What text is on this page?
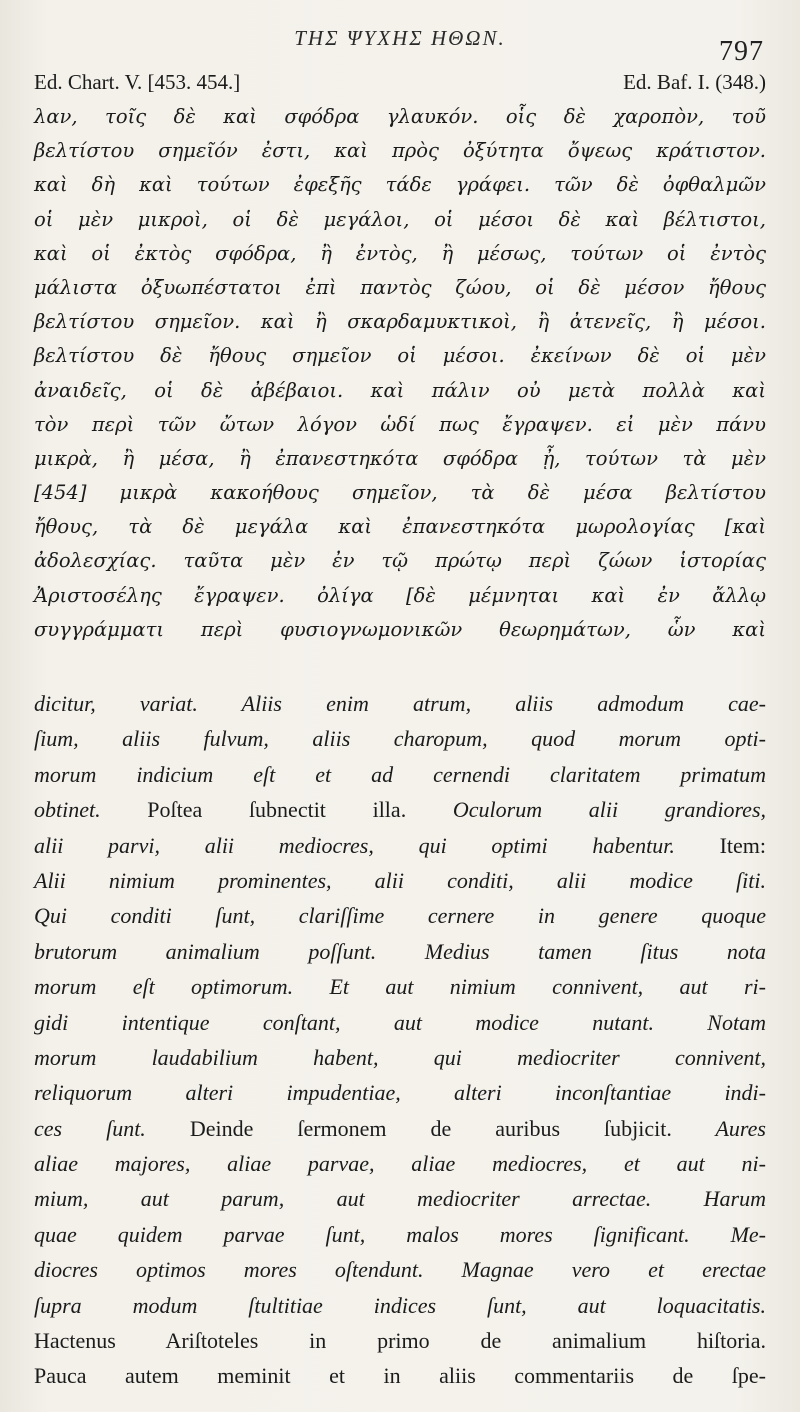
ΤΗΣ ΨΥΧΗΣ ΗΘΩΝ.	797
Ed. Chart. V. [453. 454.]	Ed. Baf. I. (348.)
λαν, τοῖς δὲ καὶ σφόδρα γλαυκόν. οἷς δὲ χαροπὸν, τοῦ
βελτίστου σημεῖόν ἐστι, καὶ πρὸς ὀξύτητα ὄψεως κράτιστον.
καὶ δὴ καὶ τούτων ἐφεξῆς τάδε γράφει. τῶν δὲ ὀφθαλμῶν
οἱ μὲν μικροὶ, οἱ δὲ μεγάλοι, οἱ μέσοι δὲ καὶ βέλτιστοι,
καὶ οἱ ἐκτὸς σφόδρα, ἢ ἐντὸς, ἢ μέσως, τούτων οἱ ἐντὸς
μάλιστα ὀξυωπέστατοι ἐπὶ παντὸς ζώου, οἱ δὲ μέσον ἤθους
βελτίστου σημεῖον. καὶ ἢ σκαρδαμυκτικοὶ, ἢ ἀτενεῖς, ἢ μέσοι.
βελτίστου δὲ ἤθους σημεῖον οἱ μέσοι. ἐκείνων δὲ οἱ μὲν
ἀναιδεῖς, οἱ δὲ ἀβέβαιοι. καὶ πάλιν οὐ μετὰ πολλὰ καὶ
τὸν περὶ τῶν ὤτων λόγον ὡδί πως ἔγραψεν. εἰ μὲν πάνυ
μικρὰ, ἢ μέσα, ἢ ἐπανεστηκότα σφόδρα ᾖ, τούτων τὰ μὲν
[454] μικρὰ κακοήθους σημεῖον, τὰ δὲ μέσα βελτίστου
ἤθους, τὰ δὲ μεγάλα καὶ ἐπανεστηκότα μωρολογίας [καὶ
ἀδολεσχίας. ταῦτα μὲν ἐν τῷ πρώτῳ περὶ ζώων ἱστορίας
Ἀριστοσέλης ἔγραψεν. ὀλίγα [δὲ μέμνηται καὶ ἐν ἄλλῳ
συγγράμματι περὶ φυσιογνωμονικῶν θεωρημάτων, ὧν καὶ
dicitur, variat. Aliis enim atrum, aliis admodum cae-
ſium, aliis fulvum, aliis charopum, quod morum opti-
morum indicium eſt et ad cernendi claritatem primatum
obtinet. Poſtea ſubnectit illa. Oculorum alii grandiores,
alii parvi, alii mediocres, qui optimi habentur. Item:
Alii nimium prominentes, alii conditi, alii modice ſiti.
Qui conditi ſunt, clariſſime cernere in genere quoque
brutorum animalium poſſunt. Medius tamen ſitus nota
morum eſt optimorum. Et aut nimium connivent, aut ri-
gidi intentique conſtant, aut modice nutant. Notam
morum laudabilium habent, qui mediocriter connivent,
reliquorum alteri impudentiae, alteri inconſtantiae indi-
ces ſunt. Deinde ſermonem de auribus ſubjicit. Aures
aliae majores, aliae parvae, aliae mediocres, et aut ni-
mium, aut parum, aut mediocriter arrectae. Harum
quae quidem parvae ſunt, malos mores ſignificant. Me-
diocres optimos mores oſtendunt. Magnae vero et erectae
ſupra modum ſtultitiae indices ſunt, aut loquacitatis.
Hactenus Ariſtoteles in primo de animalium hiſtoria.
Pauca autem meminit et in aliis commentariis de ſpe-
